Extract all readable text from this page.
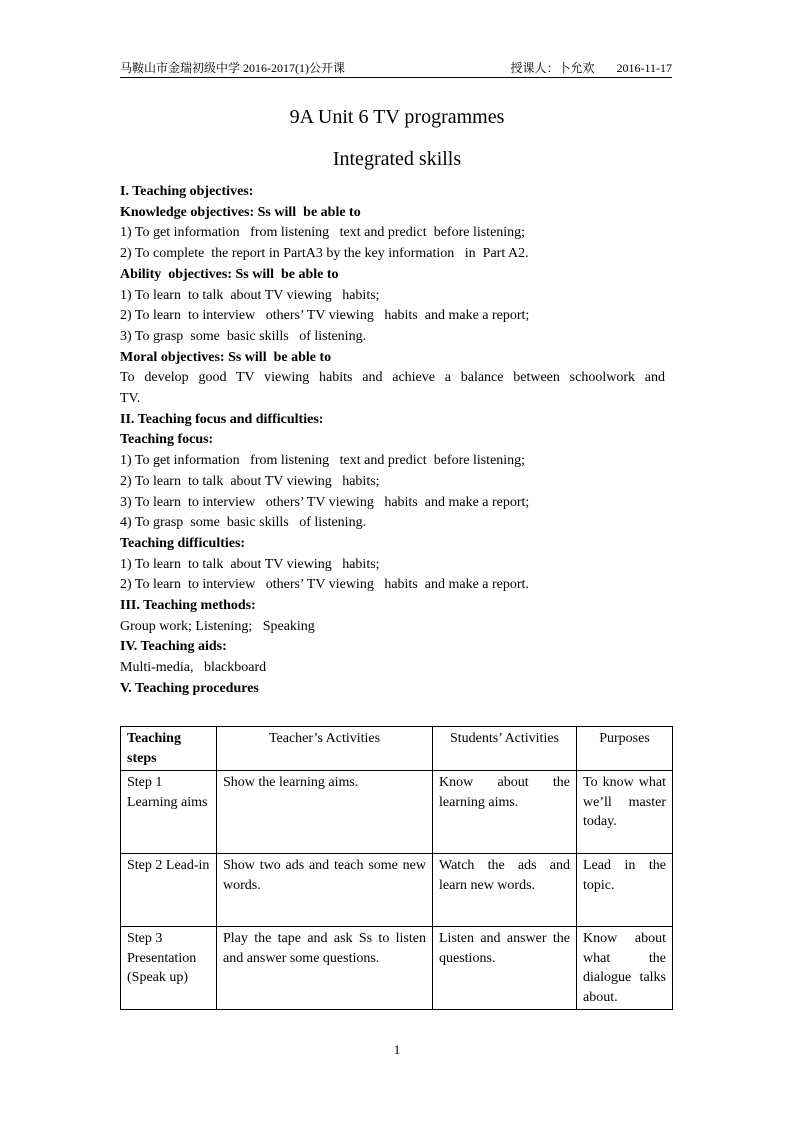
马鞍山市金瑞初级中学 2016-2017(1)公开课	授课人：卜允欢 2016-11-17
9A Unit 6 TV programmes
Integrated skills
I. Teaching objectives:
Knowledge objectives: Ss will  be able to
1) To get information   from listening   text and predict  before listening;
2) To complete  the report in PartA3 by the key information   in  Part A2.
Ability  objectives: Ss will  be able to
1) To learn  to talk  about TV viewing   habits;
2) To learn  to interview   others’ TV viewing   habits  and make a report;
3) To grasp  some  basic skills   of listening.
Moral objectives: Ss will  be able to
To develop good TV viewing habits and achieve a balance between schoolwork and
TV.
II. Teaching focus and difficulties:
Teaching focus:
1) To get information   from listening   text and predict  before listening;
2) To learn  to talk  about TV viewing   habits;
3) To learn  to interview   others’ TV viewing   habits  and make a report;
4) To grasp  some  basic skills   of listening.
Teaching difficulties:
1) To learn  to talk  about TV viewing   habits;
2) To learn  to interview   others’ TV viewing   habits  and make a report.
III. Teaching methods:
Group work; Listening;   Speaking
IV. Teaching aids:
Multi-media,   blackboard
V. Teaching procedures
Teaching steps	Teacher’s Activities	Students’ Activities	Purposes
Step 1 Learning aims	Show the learning aims.	Know about the learning aims.	To know what we’ll master today.
Step 2 Lead-in	Show two ads and teach some new words.	Watch the ads and learn new words.	Lead in the topic.
Step 3 Presentation (Speak up)	Play the tape and ask Ss to listen and answer some questions.	Listen and answer the questions.	Know about what the dialogue talks about.
1
